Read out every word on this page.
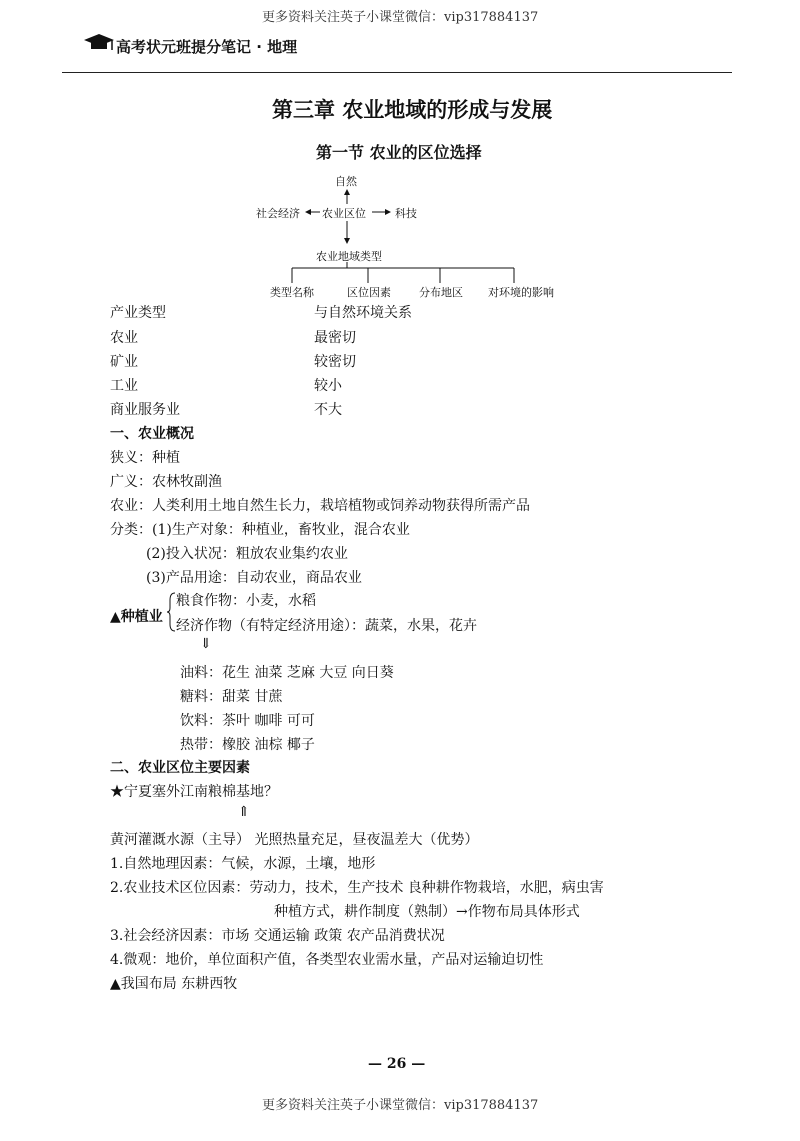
更多资料关注英子小课堂微信：vip317884137
高考状元班提分笔记 · 地理
第三章 农业地域的形成与发展
第一节 农业的区位选择
自然
社会经济 农业区位	科技
农业地域类型
类型名称	区位因素	分布地区 对环境的影响
产业类型	与自然环境关系
农业	最密切
矿业	较密切
工业	较小
商业服务业	不大
一、农业概况
狭义：种植
广义：农林牧副渔
农业：人类利用土地自然生长力，栽培植物或饲养动物获得所需产品
分类：(1)生产对象：种植业，畜牧业，混合农业
(2)投入状况：粗放农业集约农业
(3)产品用途：自动农业，商品农业
▲种植业
粮食作物：小麦，水稻
经济作物（有特定经济用途）：蔬菜，水果，花卉
⇓
油料：花生 油菜 芝麻 大豆 向日葵
糖料：甜菜 甘蔗
饮料：茶叶 咖啡 可可
热带：橡胶 油棕 椰子
二、农业区位主要因素
★宁夏塞外江南粮棉基地？
⇑
黄河灌溉水源（主导） 光照热量充足，昼夜温差大（优势）
1.自然地理因素：气候，水源，土壤，地形
2.农业技术区位因素：劳动力，技术，生产技术 良种耕作物栽培，水肥，病虫害
种植方式，耕作制度（熟制）→作物布局具体形式
3.社会经济因素：市场 交通运输 政策 农产品消费状况
4.微观：地价，单位面积产值，各类型农业需水量，产品对运输迫切性
▲我国布局 东耕西牧
— 26 —
更多资料关注英子小课堂微信：vip317884137
